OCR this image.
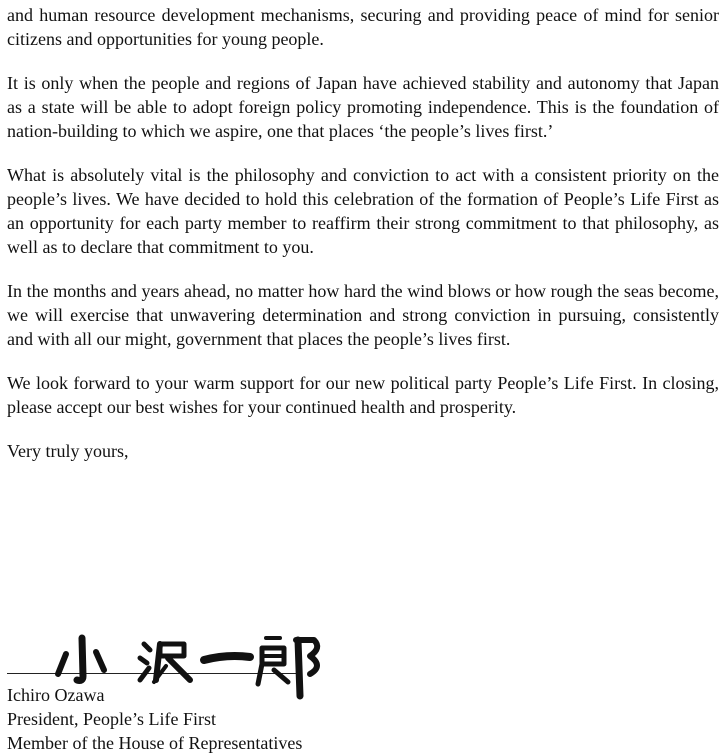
and human resource development mechanisms, securing and providing peace of mind for senior citizens and opportunities for young people.

It is only when the people and regions of Japan have achieved stability and autonomy that Japan as a state will be able to adopt foreign policy promoting independence. This is the foundation of nation-building to which we aspire, one that places ‘the people’s lives first.’

What is absolutely vital is the philosophy and conviction to act with a consistent priority on the people’s lives. We have decided to hold this celebration of the formation of People’s Life First as an opportunity for each party member to reaffirm their strong commitment to that philosophy, as well as to declare that commitment to you.

In the months and years ahead, no matter how hard the wind blows or how rough the seas become, we will exercise that unwavering determination and strong conviction in pursuing, consistently and with all our might, government that places the people’s lives first.

We look forward to your warm support for our new political party People’s Life First. In closing, please accept our best wishes for your continued health and prosperity.

Very truly yours,

Ichiro Ozawa
President, People’s Life First
Member of the House of Representatives
